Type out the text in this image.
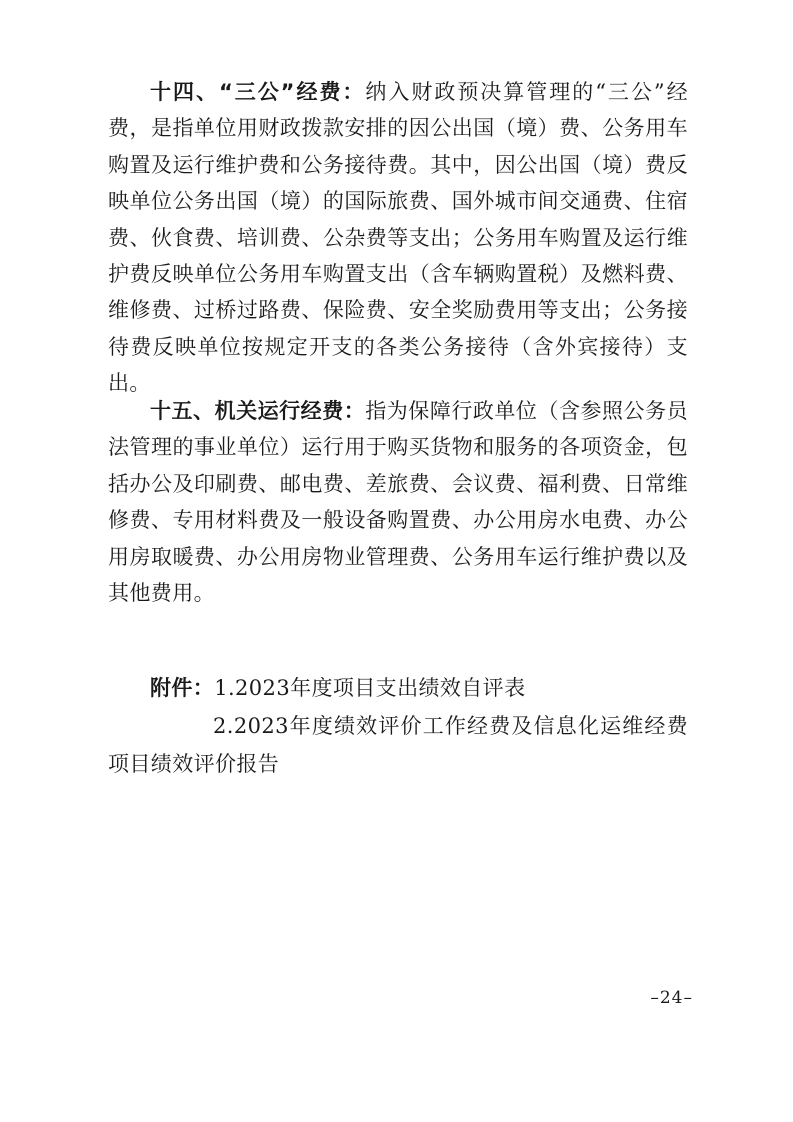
十四、“三公”经费：纳入财政预决算管理的“三公”经费，是指单位用财政拨款安排的因公出国（境）费、公务用车购置及运行维护费和公务接待费。其中，因公出国（境）费反映单位公务出国（境）的国际旅费、国外城市间交通费、住宿费、伙食费、培训费、公杂费等支出；公务用车购置及运行维护费反映单位公务用车购置支出（含车辆购置税）及燃料费、维修费、过桥过路费、保险费、安全奖励费用等支出；公务接待费反映单位按规定开支的各类公务接待（含外宾接待）支出。

十五、机关运行经费：指为保障行政单位（含参照公务员法管理的事业单位）运行用于购买货物和服务的各项资金，包括办公及印刷费、邮电费、差旅费、会议费、福利费、日常维修费、专用材料费及一般设备购置费、办公用房水电费、办公用房取暖费、办公用房物业管理费、公务用车运行维护费以及其他费用。

附件：1.2023年度项目支出绩效自评表
2.2023年度绩效评价工作经费及信息化运维经费项目绩效评价报告
–24–
